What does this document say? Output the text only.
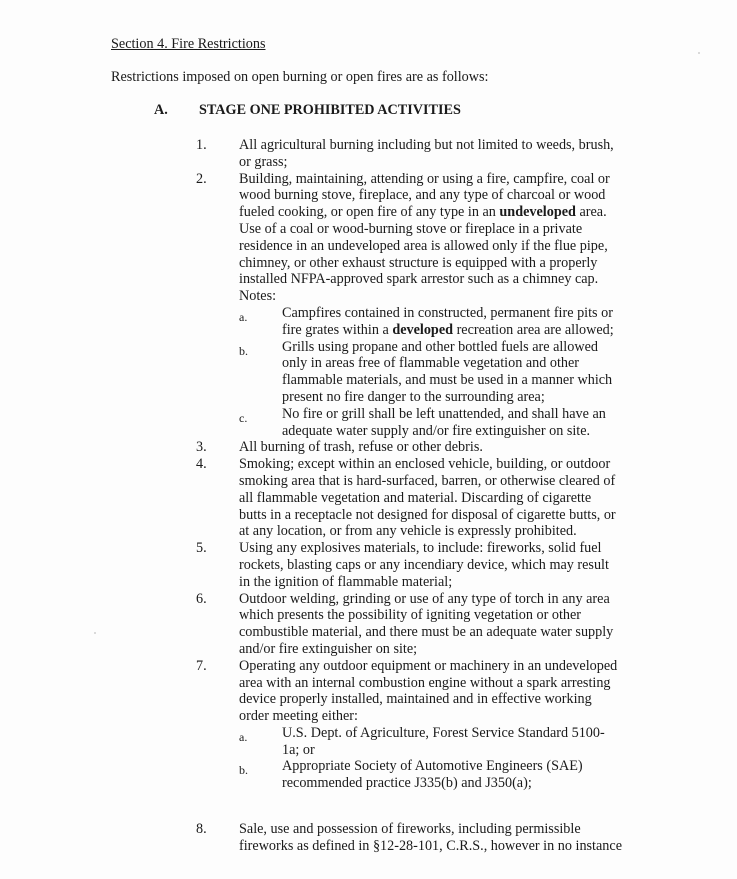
Section 4. Fire Restrictions
Restrictions imposed on open burning or open fires are as follows:
A. STAGE ONE PROHIBITED ACTIVITIES
1.	All agricultural burning including but not limited to weeds, brush,
or grass;
2.	Building, maintaining, attending or using a fire, campfire, coal or
wood burning stove, fireplace, and any type of charcoal or wood
fueled cooking, or open fire of any type in an undeveloped area.
Use of a coal or wood-burning stove or fireplace in a private
residence in an undeveloped area is allowed only if the flue pipe,
chimney, or other exhaust structure is equipped with a properly
installed NFPA-approved spark arrestor such as a chimney cap.
Notes:
a.	Campfires contained in constructed, permanent fire pits or
fire grates within a developed recreation area are allowed;
b.	Grills using propane and other bottled fuels are allowed
only in areas free of flammable vegetation and other
flammable materials, and must be used in a manner which
present no fire danger to the surrounding area;
c.	No fire or grill shall be left unattended, and shall have an
adequate water supply and/or fire extinguisher on site.
3.	All burning of trash, refuse or other debris.
4.	Smoking; except within an enclosed vehicle, building, or outdoor
smoking area that is hard-surfaced, barren, or otherwise cleared of
all flammable vegetation and material. Discarding of cigarette
butts in a receptacle not designed for disposal of cigarette butts, or
at any location, or from any vehicle is expressly prohibited.
5.	Using any explosives materials, to include: fireworks, solid fuel
rockets, blasting caps or any incendiary device, which may result
in the ignition of flammable material;
6.	Outdoor welding, grinding or use of any type of torch in any area
which presents the possibility of igniting vegetation or other
combustible material, and there must be an adequate water supply
and/or fire extinguisher on site;
7.	Operating any outdoor equipment or machinery in an undeveloped
area with an internal combustion engine without a spark arresting
device properly installed, maintained and in effective working
order meeting either:
a.	U.S. Dept. of Agriculture, Forest Service Standard 5100-
1a; or
b.	Appropriate Society of Automotive Engineers (SAE)
recommended practice J335(b) and J350(a);
8.	Sale, use and possession of fireworks, including permissible
fireworks as defined in §12-28-101, C.R.S., however in no instance
